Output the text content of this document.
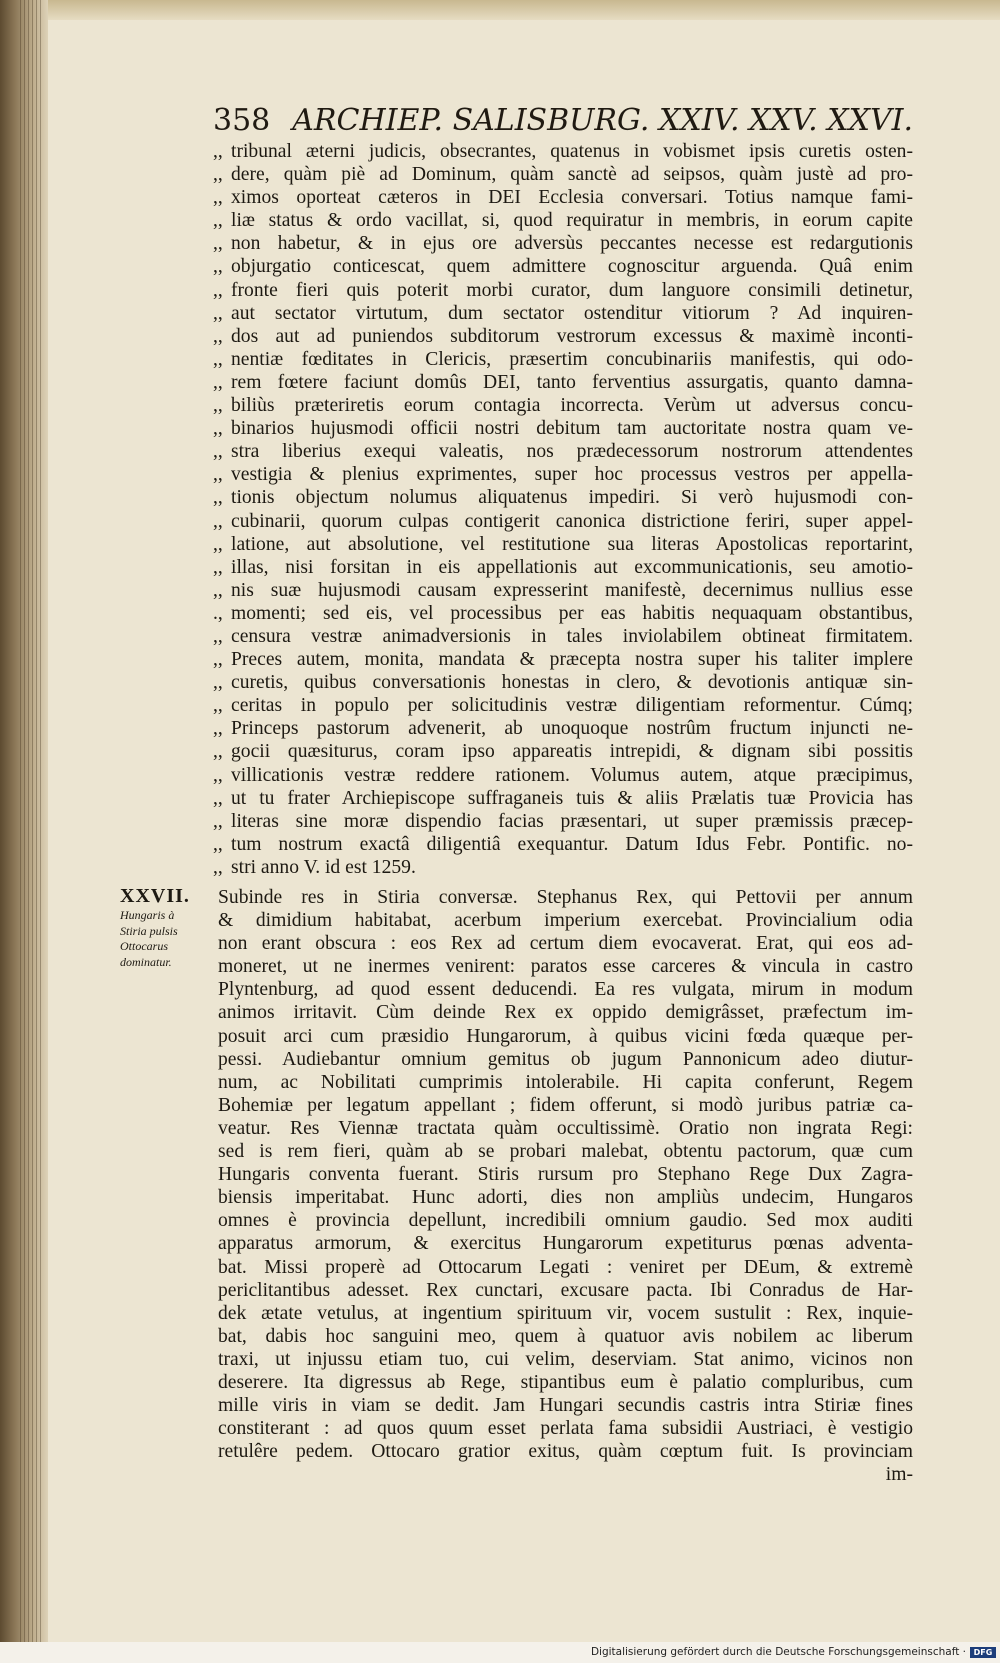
358 ARCHIEP. SALISBURG. XXIV. XXV. XXVI.
,, tribunal æterni judicis, obsecrantes, quatenus in vobismet ipsis curetis osten-
,, dere, quàm piè ad Dominum, quàm sanctè ad seipsos, quàm justè ad pro-
,, ximos oporteat cæteros in DEI Ecclesia conversari. Totius namque fami-
,, liæ status & ordo vacillat, si, quod requiratur in membris, in eorum capite
,, non habetur, & in ejus ore adversùs peccantes necesse est redargutionis
,, objurgatio conticescat, quem admittere cognoscitur arguenda. Quâ enim
,, fronte fieri quis poterit morbi curator, dum languore consimili detinetur,
,, aut sectator virtutum, dum sectator ostenditur vitiorum ? Ad inquiren-
,, dos aut ad puniendos subditorum vestrorum excessus & maximè inconti-
,, nentiæ fœditates in Clericis, præsertim concubinariis manifestis, qui odo-
,, rem fœtere faciunt domûs DEI, tanto ferventius assurgatis, quanto damna-
,, biliùs præteriretis eorum contagia incorrecta. Verùm ut adversus concu-
,, binarios hujusmodi officii nostri debitum tam auctoritate nostra quam ve-
,, stra liberius exequi valeatis, nos prædecessorum nostrorum attendentes
,, vestigia & plenius exprimentes, super hoc processus vestros per appella-
,, tionis objectum nolumus aliquatenus impediri. Si verò hujusmodi con-
,, cubinarii, quorum culpas contigerit canonica districtione feriri, super appel-
,, latione, aut absolutione, vel restitutione sua literas Apostolicas reportarint,
,, illas, nisi forsitan in eis appellationis aut excommunicationis, seu amotio-
,, nis suæ hujusmodi causam expresserint manifestè, decernimus nullius esse
., momenti; sed eis, vel processibus per eas habitis nequaquam obstantibus,
,, censura vestræ animadversionis in tales inviolabilem obtineat firmitatem.
,, Preces autem, monita, mandata & præcepta nostra super his taliter implere
,, curetis, quibus conversationis honestas in clero, & devotionis antiquæ sin-
,, ceritas in populo per solicitudinis vestræ diligentiam reformentur. Cúmq;
,, Princeps pastorum advenerit, ab unoquoque nostrûm fructum injuncti ne-
,, gocii quæsiturus, coram ipso appareatis intrepidi, & dignam sibi possitis
,, villicationis vestræ reddere rationem. Volumus autem, atque præcipimus,
,, ut tu frater Archiepiscope suffraganeis tuis & aliis Prælatis tuæ Provicia has
,, literas sine moræ dispendio facias præsentari, ut super præmissis præcep-
,, tum nostrum exactâ diligentiâ exequantur. Datum Idus Febr. Pontific. no-
,, stri anno V. id est 1259.
XXVII.
Hungaris à
Stiria pulsis
Ottocarus
dominatur.
Subinde res in Stiria conversæ. Stephanus Rex, qui Pettovii per annum
& dimidium habitabat, acerbum imperium exercebat. Provincialium odia
non erant obscura : eos Rex ad certum diem evocaverat. Erat, qui eos ad-
moneret, ut ne inermes venirent: paratos esse carceres & vincula in castro
Plyntenburg, ad quod essent deducendi. Ea res vulgata, mirum in modum
animos irritavit. Cùm deinde Rex ex oppido demigrâsset, præfectum im-
posuit arci cum præsidio Hungarorum, à quibus vicini fœda quæque per-
pessi. Audiebantur omnium gemitus ob jugum Pannonicum adeo diutur-
num, ac Nobilitati cumprimis intolerabile. Hi capita conferunt, Regem
Bohemiæ per legatum appellant ; fidem offerunt, si modò juribus patriæ ca-
veatur. Res Viennæ tractata quàm occultissimè. Oratio non ingrata Regi:
sed is rem fieri, quàm ab se probari malebat, obtentu pactorum, quæ cum
Hungaris conventa fuerant. Stiris rursum pro Stephano Rege Dux Zagra-
biensis imperitabat. Hunc adorti, dies non ampliùs undecim, Hungaros
omnes è provincia depellunt, incredibili omnium gaudio. Sed mox auditi
apparatus armorum, & exercitus Hungarorum expetiturus pœnas adventa-
bat. Missi properè ad Ottocarum Legati : veniret per DEum, & extremè
periclitantibus adesset. Rex cunctari, excusare pacta. Ibi Conradus de Har-
dek ætate vetulus, at ingentium spirituum vir, vocem sustulit : Rex, inquie-
bat, dabis hoc sanguini meo, quem à quatuor avis nobilem ac liberum
traxi, ut injussu etiam tuo, cui velim, deserviam. Stat animo, vicinos non
deserere. Ita digressus ab Rege, stipantibus eum è palatio compluribus, cum
mille viris in viam se dedit. Jam Hungari secundis castris intra Stiriæ fines
constiterant : ad quos quum esset perlata fama subsidii Austriaci, è vestigio
retulêre pedem. Ottocaro gratior exitus, quàm cœptum fuit. Is provinciam
im-
Digitalisierung gefördert durch die Deutsche Forschungsgemeinschaft · DFG
